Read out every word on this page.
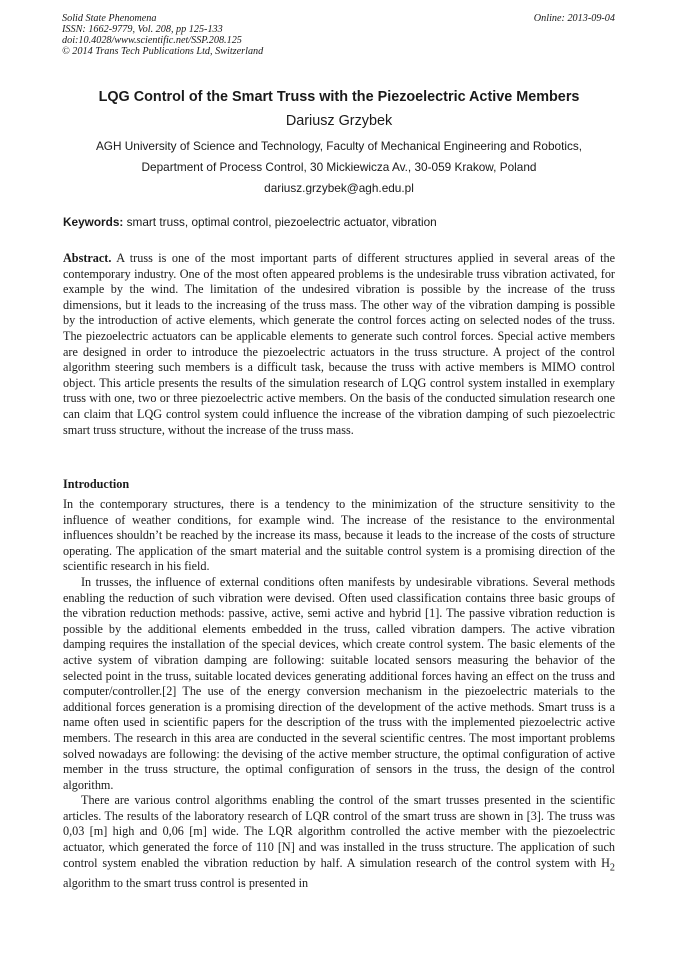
Solid State Phenomena
ISSN: 1662-9779, Vol. 208, pp 125-133
doi:10.4028/www.scientific.net/SSP.208.125
© 2014 Trans Tech Publications Ltd, Switzerland
Online: 2013-09-04
LQG Control of the Smart Truss with the Piezoelectric Active Members
Dariusz Grzybek
AGH University of Science and Technology, Faculty of Mechanical Engineering and Robotics,
Department of Process Control, 30 Mickiewicza Av., 30-059 Krakow, Poland
dariusz.grzybek@agh.edu.pl
Keywords: smart truss, optimal control, piezoelectric actuator, vibration
Abstract. A truss is one of the most important parts of different structures applied in several areas of the contemporary industry. One of the most often appeared problems is the undesirable truss vibration activated, for example by the wind. The limitation of the undesired vibration is possible by the increase of the truss dimensions, but it leads to the increasing of the truss mass. The other way of the vibration damping is possible by the introduction of active elements, which generate the control forces acting on selected nodes of the truss. The piezoelectric actuators can be applicable elements to generate such control forces. Special active members are designed in order to introduce the piezoelectric actuators in the truss structure. A project of the control algorithm steering such members is a difficult task, because the truss with active members is MIMO control object. This article presents the results of the simulation research of LQG control system installed in exemplary truss with one, two or three piezoelectric active members. On the basis of the conducted simulation research one can claim that LQG control system could influence the increase of the vibration damping of such piezoelectric smart truss structure, without the increase of the truss mass.
Introduction

In the contemporary structures, there is a tendency to the minimization of the structure sensitivity to the influence of weather conditions, for example wind. The increase of the resistance to the environmental influences shouldn’t be reached by the increase its mass, because it leads to the increase of the costs of structure operating. The application of the smart material and the suitable control system is a promising direction of the scientific research in his field.

In trusses, the influence of external conditions often manifests by undesirable vibrations. Several methods enabling the reduction of such vibration were devised. Often used classification contains three basic groups of the vibration reduction methods: passive, active, semi active and hybrid [1]. The passive vibration reduction is possible by the additional elements embedded in the truss, called vibration dampers. The active vibration damping requires the installation of the special devices, which create control system. The basic elements of the active system of vibration damping are following: suitable located sensors measuring the behavior of the selected point in the truss, suitable located devices generating additional forces having an effect on the truss and computer/controller.[2] The use of the energy conversion mechanism in the piezoelectric materials to the additional forces generation is a promising direction of the development of the active methods. Smart truss is a name often used in scientific papers for the description of the truss with the implemented piezoelectric active members. The research in this area are conducted in the several scientific centres. The most important problems solved nowadays are following: the devising of the active member structure, the optimal configuration of active member in the truss structure, the optimal configuration of sensors in the truss, the design of the control algorithm.

There are various control algorithms enabling the control of the smart trusses presented in the scientific articles. The results of the laboratory research of LQR control of the smart truss are shown in [3]. The truss was 0,03 [m] high and 0,06 [m] wide. The LQR algorithm controlled the active member with the piezoelectric actuator, which generated the force of 110 [N] and was installed in the truss structure. The application of such control system enabled the vibration reduction by half. A simulation research of the control system with $H_2$ algorithm to the smart truss control is presented in
